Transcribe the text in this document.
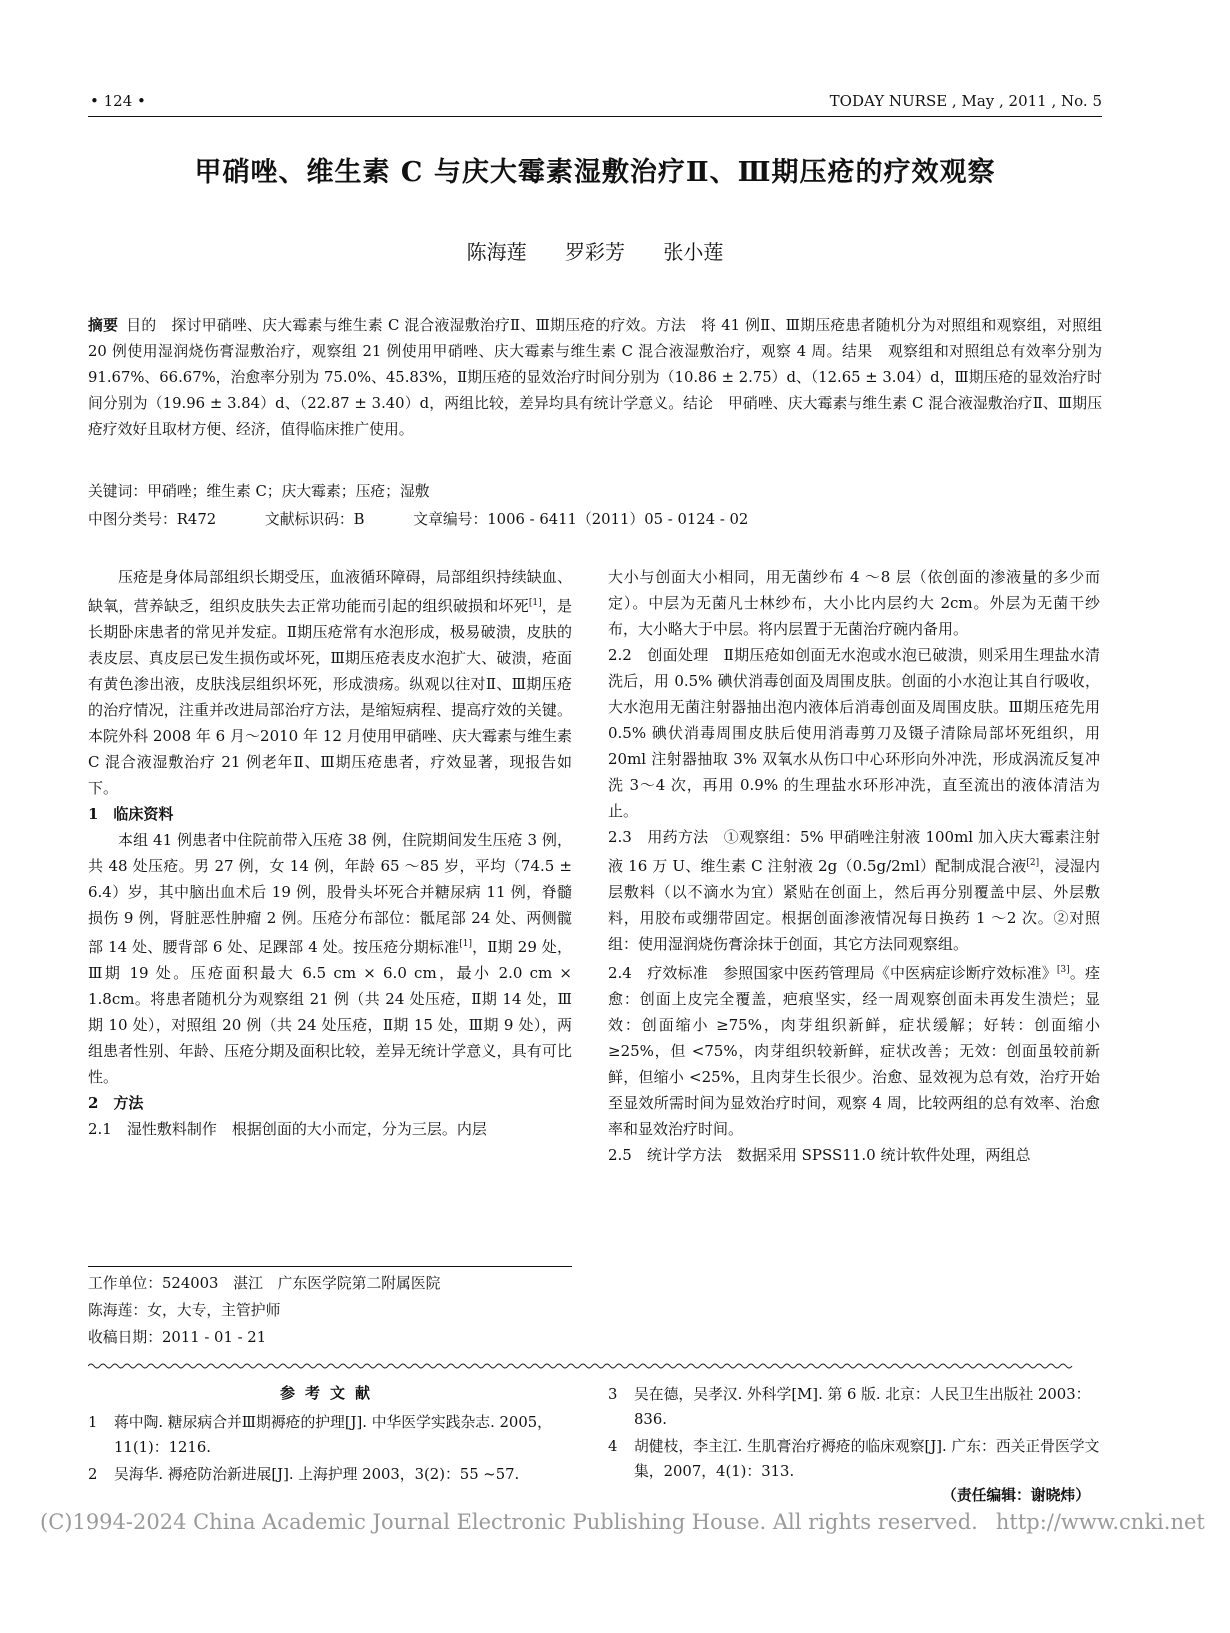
• 124 •	TODAY NURSE , May , 2011 , No. 5
甲硝唑、维生素 C 与庆大霉素湿敷治疗Ⅱ、Ⅲ期压疮的疗效观察
陈海莲 罗彩芳 张小莲
摘要 目的　探讨甲硝唑、庆大霉素与维生素 C 混合液湿敷治疗Ⅱ、Ⅲ期压疮的疗效。方法　将 41 例Ⅱ、Ⅲ期压疮患者随机分为对照组和观察组，对照组 20 例使用湿润烧伤膏湿敷治疗，观察组 21 例使用甲硝唑、庆大霉素与维生素 C 混合液湿敷治疗，观察 4 周。结果　观察组和对照组总有效率分别为 91.67%、66.67%，治愈率分别为 75.0%、45.83%，Ⅱ期压疮的显效治疗时间分别为（10.86 ± 2.75）d、（12.65 ± 3.04）d，Ⅲ期压疮的显效治疗时间分别为（19.96 ± 3.84）d、（22.87 ± 3.40）d，两组比较，差异均具有统计学意义。结论　甲硝唑、庆大霉素与维生素 C 混合液湿敷治疗Ⅱ、Ⅲ期压疮疗效好且取材方便、经济，值得临床推广使用。
关键词：甲硝唑；维生素 C；庆大霉素；压疮；湿敷
中图分类号：R472	文献标识码：B	文章编号：1006 - 6411（2011）05 - 0124 - 02

压疮是身体局部组织长期受压，血液循环障碍，局部组织持续缺血、缺氧，营养缺乏，组织皮肤失去正常功能而引起的组织破损和坏死[1]，是长期卧床患者的常见并发症。Ⅱ期压疮常有水泡形成，极易破溃，皮肤的表皮层、真皮层已发生损伤或坏死，Ⅲ期压疮表皮水泡扩大、破溃，疮面有黄色渗出液，皮肤浅层组织坏死，形成溃疡。纵观以往对Ⅱ、Ⅲ期压疮的治疗情况，注重并改进局部治疗方法，是缩短病程、提高疗效的关键。本院外科 2008 年 6 月～2010 年 12 月使用甲硝唑、庆大霉素与维生素 C 混合液湿敷治疗 21 例老年Ⅱ、Ⅲ期压疮患者，疗效显著，现报告如下。

1　临床资料

本组 41 例患者中住院前带入压疮 38 例，住院期间发生压疮 3 例，共 48 处压疮。男 27 例，女 14 例，年龄 65 ～85 岁，平均（74.5 ± 6.4）岁，其中脑出血术后 19 例，股骨头坏死合并糖尿病 11 例，脊髓损伤 9 例，肾脏恶性肿瘤 2 例。压疮分布部位：骶尾部 24 处、两侧髋部 14 处、腰背部 6 处、足踝部 4 处。按压疮分期标准[1]，Ⅱ期 29 处，Ⅲ期 19 处。压疮面积最大 6.5 cm × 6.0 cm，最小 2.0 cm × 1.8cm。将患者随机分为观察组 21 例（共 24 处压疮，Ⅱ期 14 处，Ⅲ期 10 处），对照组 20 例（共 24 处压疮，Ⅱ期 15 处，Ⅲ期 9 处），两组患者性别、年龄、压疮分期及面积比较，差异无统计学意义，具有可比性。

2　方法

2.1　湿性敷料制作　根据创面的大小而定，分为三层。内层

工作单位：524003　湛江　广东医学院第二附属医院
陈海莲：女，大专，主管护师
收稿日期：2011 - 01 - 21

大小与创面大小相同，用无菌纱布 4 ～8 层（依创面的渗液量的多少而定）。中层为无菌凡士林纱布，大小比内层约大 2cm。外层为无菌干纱布，大小略大于中层。将内层置于无菌治疗碗内备用。

2.2　创面处理　Ⅱ期压疮如创面无水泡或水泡已破溃，则采用生理盐水清洗后，用 0.5% 碘伏消毒创面及周围皮肤。创面的小水泡让其自行吸收，大水泡用无菌注射器抽出泡内液体后消毒创面及周围皮肤。Ⅲ期压疮先用 0.5% 碘伏消毒周围皮肤后使用消毒剪刀及镊子清除局部坏死组织，用 20ml 注射器抽取 3% 双氧水从伤口中心环形向外冲洗，形成涡流反复冲洗 3～4 次，再用 0.9% 的生理盐水环形冲洗，直至流出的液体清洁为止。

2.3　用药方法　①观察组：5% 甲硝唑注射液 100ml 加入庆大霉素注射液 16 万 U、维生素 C 注射液 2g（0.5g/2ml）配制成混合液[2]，浸湿内层敷料（以不滴水为宜）紧贴在创面上，然后再分别覆盖中层、外层敷料，用胶布或绷带固定。根据创面渗液情况每日换药 1 ～2 次。②对照组：使用湿润烧伤膏涂抹于创面，其它方法同观察组。

2.4　疗效标准　参照国家中医药管理局《中医病症诊断疗效标准》[3]。痊愈：创面上皮完全覆盖，疤痕坚实，经一周观察创面未再发生溃烂；显效：创面缩小 ≥75%，肉芽组织新鲜，症状缓解；好转：创面缩小 ≥25%，但 <75%，肉芽组织较新鲜，症状改善；无效：创面虽较前新鲜，但缩小 <25%，且肉芽生长很少。治愈、显效视为总有效，治疗开始至显效所需时间为显效治疗时间，观察 4 周，比较两组的总有效率、治愈率和显效治疗时间。

2.5　统计学方法　数据采用 SPSS11.0 统计软件处理，两组总

参考文献
1	蒋中陶. 糖尿病合并Ⅲ期褥疮的护理[J]. 中华医学实践杂志. 2005，11(1)：1216.
2	吴海华. 褥疮防治新进展[J]. 上海护理 2003，3(2)：55 ~57.
3	吴在德，吴孝汉. 外科学[M]. 第 6 版. 北京：人民卫生出版社 2003：836.
4	胡健枝，李主江. 生肌膏治疗褥疮的临床观察[J]. 广东：西关正骨医学文集，2007，4(1)：313.
（责任编辑：谢晓炜）
(C)1994-2024 China Academic Journal Electronic Publishing House. All rights reserved. http://www.cnki.net
